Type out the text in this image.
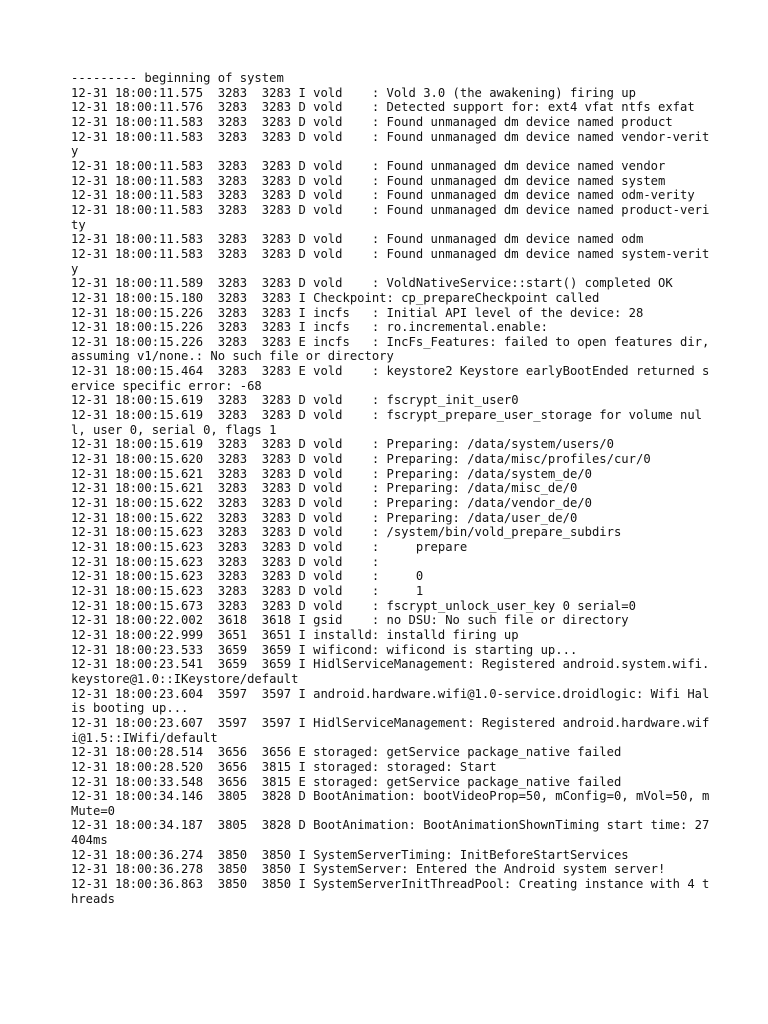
--------- beginning of system
12-31 18:00:11.575  3283  3283 I vold    : Vold 3.0 (the awakening) firing up
12-31 18:00:11.576  3283  3283 D vold    : Detected support for: ext4 vfat ntfs exfat
12-31 18:00:11.583  3283  3283 D vold    : Found unmanaged dm device named product
12-31 18:00:11.583  3283  3283 D vold    : Found unmanaged dm device named vendor-verity
12-31 18:00:11.583  3283  3283 D vold    : Found unmanaged dm device named vendor
12-31 18:00:11.583  3283  3283 D vold    : Found unmanaged dm device named system
12-31 18:00:11.583  3283  3283 D vold    : Found unmanaged dm device named odm-verity
12-31 18:00:11.583  3283  3283 D vold    : Found unmanaged dm device named product-verity
12-31 18:00:11.583  3283  3283 D vold    : Found unmanaged dm device named odm
12-31 18:00:11.583  3283  3283 D vold    : Found unmanaged dm device named system-verity
12-31 18:00:11.589  3283  3283 D vold    : VoldNativeService::start() completed OK
12-31 18:00:15.180  3283  3283 I Checkpoint: cp_prepareCheckpoint called
12-31 18:00:15.226  3283  3283 I incfs   : Initial API level of the device: 28
12-31 18:00:15.226  3283  3283 I incfs   : ro.incremental.enable:
12-31 18:00:15.226  3283  3283 E incfs   : IncFs_Features: failed to open features dir, assuming v1/none.: No such file or directory
12-31 18:00:15.464  3283  3283 E vold    : keystore2 Keystore earlyBootEnded returned service specific error: -68
12-31 18:00:15.619  3283  3283 D vold    : fscrypt_init_user0
12-31 18:00:15.619  3283  3283 D vold    : fscrypt_prepare_user_storage for volume null, user 0, serial 0, flags 1
12-31 18:00:15.619  3283  3283 D vold    : Preparing: /data/system/users/0
12-31 18:00:15.620  3283  3283 D vold    : Preparing: /data/misc/profiles/cur/0
12-31 18:00:15.621  3283  3283 D vold    : Preparing: /data/system_de/0
12-31 18:00:15.621  3283  3283 D vold    : Preparing: /data/misc_de/0
12-31 18:00:15.622  3283  3283 D vold    : Preparing: /data/vendor_de/0
12-31 18:00:15.622  3283  3283 D vold    : Preparing: /data/user_de/0
12-31 18:00:15.623  3283  3283 D vold    : /system/bin/vold_prepare_subdirs
12-31 18:00:15.623  3283  3283 D vold    :     prepare
12-31 18:00:15.623  3283  3283 D vold    :
12-31 18:00:15.623  3283  3283 D vold    :     0
12-31 18:00:15.623  3283  3283 D vold    :     1
12-31 18:00:15.673  3283  3283 D vold    : fscrypt_unlock_user_key 0 serial=0
12-31 18:00:22.002  3618  3618 I gsid    : no DSU: No such file or directory
12-31 18:00:22.999  3651  3651 I installd: installd firing up
12-31 18:00:23.533  3659  3659 I wificond: wificond is starting up...
12-31 18:00:23.541  3659  3659 I HidlServiceManagement: Registered android.system.wifi.keystore@1.0::IKeystore/default
12-31 18:00:23.604  3597  3597 I android.hardware.wifi@1.0-service.droidlogic: Wifi Hal is booting up...
12-31 18:00:23.607  3597  3597 I HidlServiceManagement: Registered android.hardware.wifi@1.5::IWifi/default
12-31 18:00:28.514  3656  3656 E storaged: getService package_native failed
12-31 18:00:28.520  3656  3815 I storaged: storaged: Start
12-31 18:00:33.548  3656  3815 E storaged: getService package_native failed
12-31 18:00:34.146  3805  3828 D BootAnimation: bootVideoProp=50, mConfig=0, mVol=50, mMute=0
12-31 18:00:34.187  3805  3828 D BootAnimation: BootAnimationShownTiming start time: 27404ms
12-31 18:00:36.274  3850  3850 I SystemServerTiming: InitBeforeStartServices
12-31 18:00:36.278  3850  3850 I SystemServer: Entered the Android system server!
12-31 18:00:36.863  3850  3850 I SystemServerInitThreadPool: Creating instance with 4 threads
